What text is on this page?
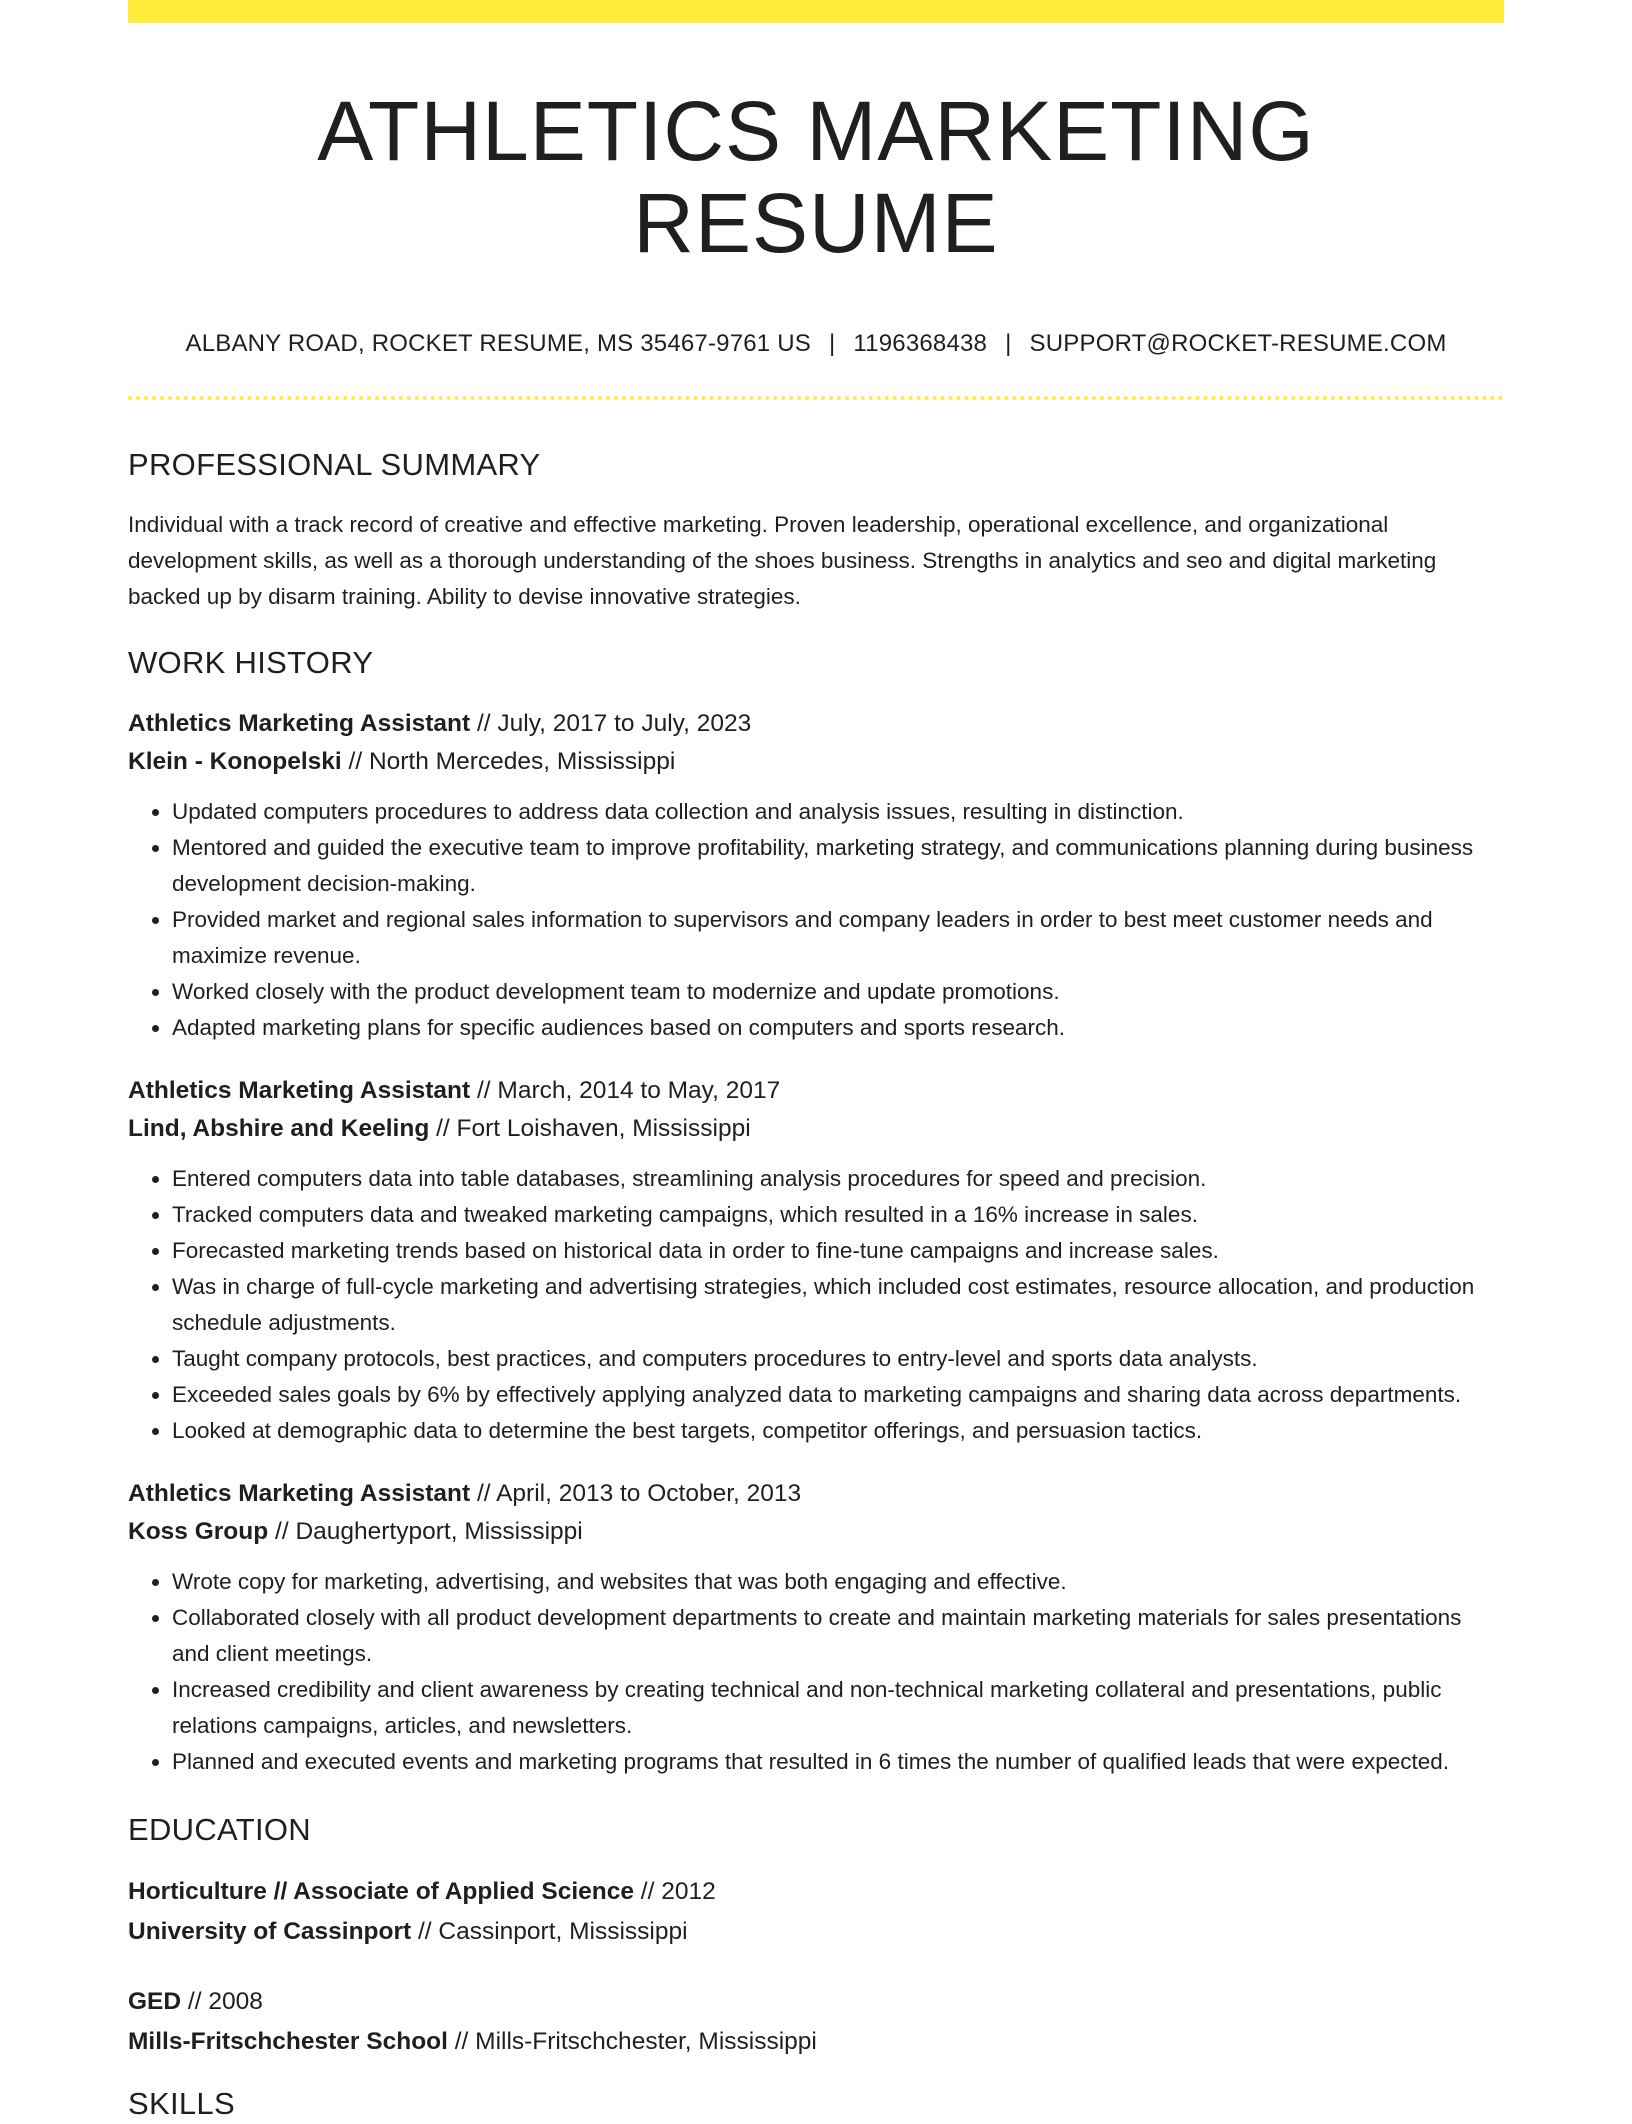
ATHLETICS MARKETING RESUME
ALBANY ROAD, ROCKET RESUME, MS 35467-9761 US | 1196368438 | SUPPORT@ROCKET-RESUME.COM
PROFESSIONAL SUMMARY
Individual with a track record of creative and effective marketing. Proven leadership, operational excellence, and organizational development skills, as well as a thorough understanding of the shoes business. Strengths in analytics and seo and digital marketing backed up by disarm training. Ability to devise innovative strategies.
WORK HISTORY
Athletics Marketing Assistant // July, 2017 to July, 2023
Klein - Konopelski // North Mercedes, Mississippi
• Updated computers procedures to address data collection and analysis issues, resulting in distinction.
• Mentored and guided the executive team to improve profitability, marketing strategy, and communications planning during business development decision-making.
• Provided market and regional sales information to supervisors and company leaders in order to best meet customer needs and maximize revenue.
• Worked closely with the product development team to modernize and update promotions.
• Adapted marketing plans for specific audiences based on computers and sports research.
Athletics Marketing Assistant // March, 2014 to May, 2017
Lind, Abshire and Keeling // Fort Loishaven, Mississippi
• Entered computers data into table databases, streamlining analysis procedures for speed and precision.
• Tracked computers data and tweaked marketing campaigns, which resulted in a 16% increase in sales.
• Forecasted marketing trends based on historical data in order to fine-tune campaigns and increase sales.
• Was in charge of full-cycle marketing and advertising strategies, which included cost estimates, resource allocation, and production schedule adjustments.
• Taught company protocols, best practices, and computers procedures to entry-level and sports data analysts.
• Exceeded sales goals by 6% by effectively applying analyzed data to marketing campaigns and sharing data across departments.
• Looked at demographic data to determine the best targets, competitor offerings, and persuasion tactics.
Athletics Marketing Assistant // April, 2013 to October, 2013
Koss Group // Daughertyport, Mississippi
• Wrote copy for marketing, advertising, and websites that was both engaging and effective.
• Collaborated closely with all product development departments to create and maintain marketing materials for sales presentations and client meetings.
• Increased credibility and client awareness by creating technical and non-technical marketing collateral and presentations, public relations campaigns, articles, and newsletters.
• Planned and executed events and marketing programs that resulted in 6 times the number of qualified leads that were expected.
EDUCATION
Horticulture // Associate of Applied Science // 2012
University of Cassinport // Cassinport, Mississippi
GED // 2008
Mills-Fritschchester School // Mills-Fritschchester, Mississippi
SKILLS
